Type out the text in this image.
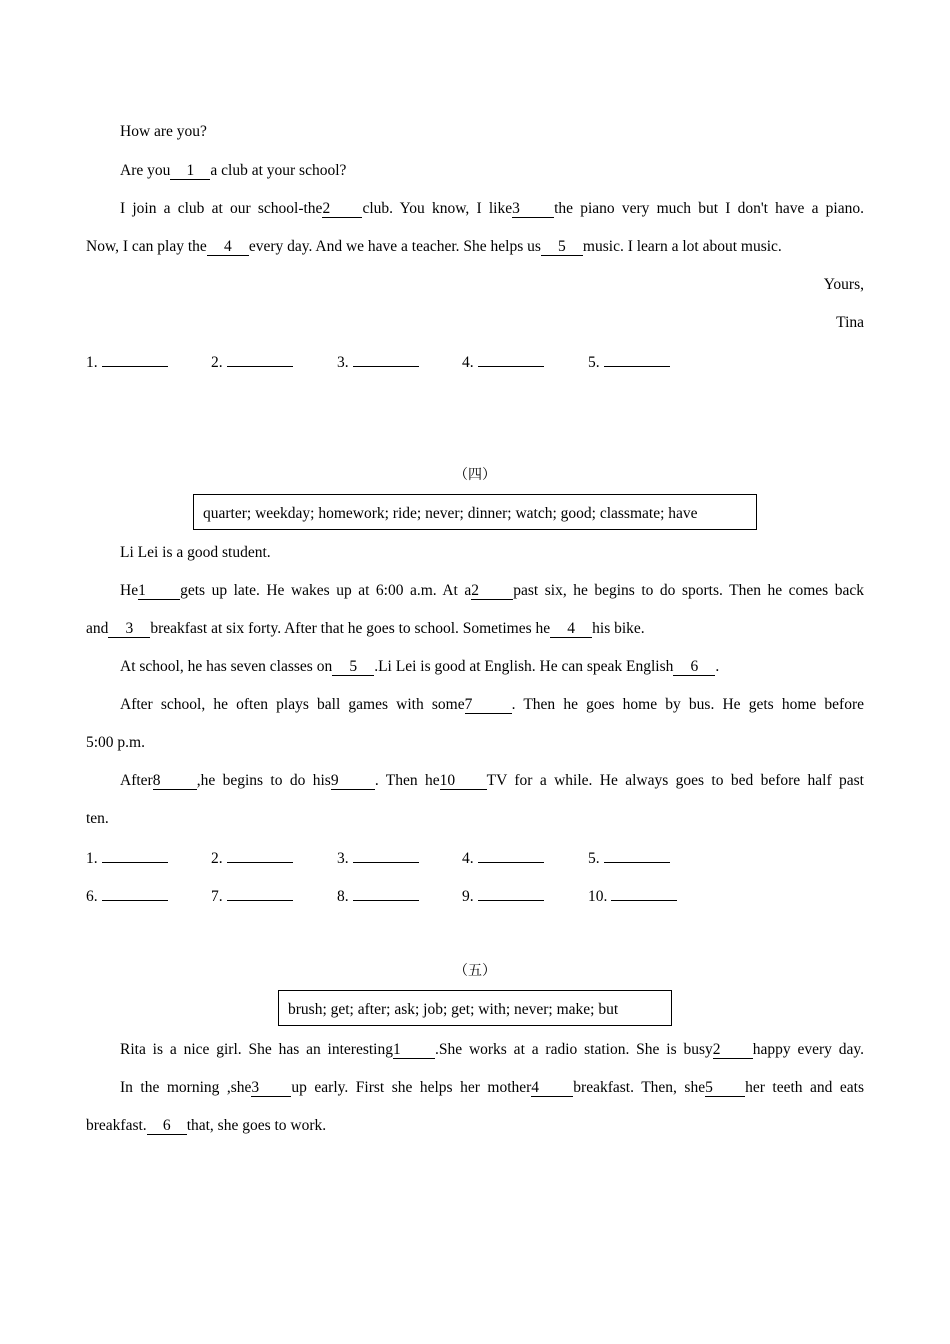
How are you?
Are you 1 a club at your school?
I join a club at our school-the2 club. You know, I like3 the piano very much but I don't have a piano.
Now, I can play the 4 every day. And we have a teacher. She helps us 5 music. I learn a lot about music.
Yours,
Tina
1.	2.	3.	4.	5.
（四）
quarter; weekday; homework; ride; never; dinner; watch; good; classmate; have
Li Lei is a good student.
He1 gets up late. He wakes up at 6:00 a.m. At a2 past six, he begins to do sports. Then he comes back
and 3 breakfast at six forty. After that he goes to school. Sometimes he 4 his bike.
At school, he has seven classes on 5 .Li Lei is good at English. He can speak English 6 .
After school, he often plays ball games with some7	. Then he goes home by bus. He gets home before
5:00 p.m.
After8 ,he begins to do his9 . Then he10 TV for a while. He always goes to bed before half past
ten.
1.	2.	3.	4.	5.
6.	7.	8.	9.	10.
（五）
brush; get; after; ask; job; get; with; never; make; but
Rita is a nice girl. She has an interesting1 .She works at a radio station. She is busy2 happy every day.
In the morning ,she3 up early. First she helps her mother4 breakfast. Then, she5 her teeth and eats
breakfast. 6 that, she goes to work.
